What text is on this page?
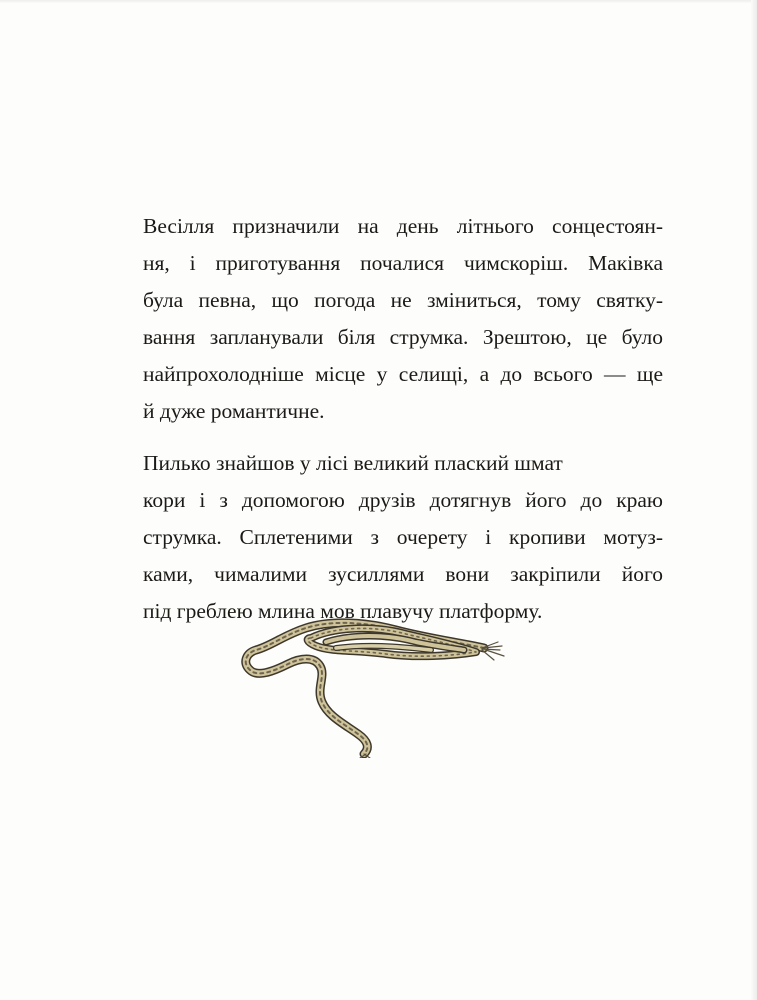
Весілля призначили на день літнього сонцестоян-
ня, і приготування почалися чимскоріш. Маківка
була певна, що погода не зміниться, тому святку-
вання запланували біля струмка. Зрештою, це було
найпрохолодніше місце у селищі, а до всього — ще
й дуже романтичне.
Пилько знайшов у лісі великий плаский шмат
кори і з допомогою друзів дотягнув його до краю
струмка. Сплетеними з очерету і кропиви мотуз-
ками, чималими зусиллями вони закріпили його
під греблею млина мов плавучу платформу.
